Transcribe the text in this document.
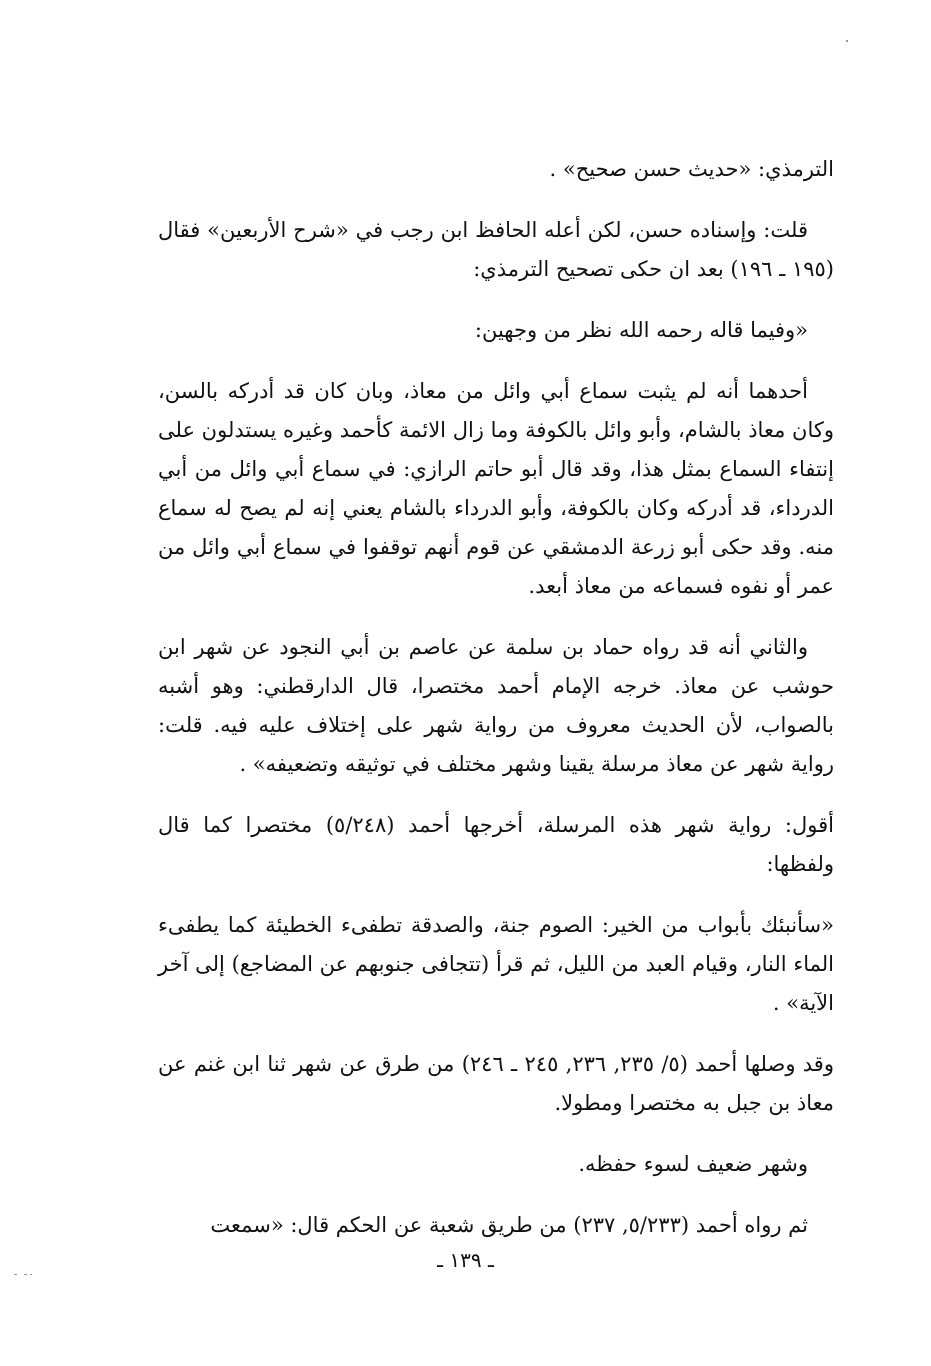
الترمذي: «حديث حسن صحيح» .

قلت: وإسناده حسن، لكن أعله الحافظ ابن رجب في «شرح الأربعين» فقال (١٩٥ ـ ١٩٦) بعد ان حكى تصحيح الترمذي:

«وفيما قاله رحمه الله نظر من وجهين:

أحدهما أنه لم يثبت سماع أبي وائل من معاذ، وبان كان قد أدركه بالسن، وكان معاذ بالشام، وأبو وائل بالكوفة وما زال الائمة كأحمد وغيره يستدلون على إنتفاء السماع بمثل هذا، وقد قال أبو حاتم الرازي: في سماع أبي وائل من أبي الدرداء، قد أدركه وكان بالكوفة، وأبو الدرداء بالشام يعني إنه لم يصح له سماع منه. وقد حكى أبو زرعة الدمشقي عن قوم أنهم توقفوا في سماع أبي وائل من عمر أو نفوه فسماعه من معاذ أبعد.

والثاني أنه قد رواه حماد بن سلمة عن عاصم بن أبي النجود عن شهر ابن حوشب عن معاذ. خرجه الإمام أحمد مختصرا، قال الدارقطني: وهو أشبه بالصواب، لأن الحديث معروف من رواية شهر على إختلاف عليه فيه. قلت: رواية شهر عن معاذ مرسلة يقينا وشهر مختلف في توثيقه وتضعيفه» .

أقول: رواية شهر هذه المرسلة، أخرجها أحمد (٥/٢٤٨) مختصرا كما قال ولفظها:

«سأنبئك بأبواب من الخير: الصوم جنة، والصدقة تطفىء الخطيئة كما يطفىء الماء النار، وقيام العبد من الليل، ثم قرأ (تتجافى جنوبهم عن المضاجع) إلى آخر الآية» .

وقد وصلها أحمد (٥/ ٢٣٥, ٢٣٦, ٢٤٥ ـ ٢٤٦) من طرق عن شهر ثنا ابن غنم عن معاذ بن جبل به مختصرا ومطولا.

وشهر ضعيف لسوء حفظه.

ثم رواه أحمد (٥/٢٣٣, ٢٣٧) من طريق شعبة عن الحكم قال: «سمعت

ـ ١٣٩ ـ
